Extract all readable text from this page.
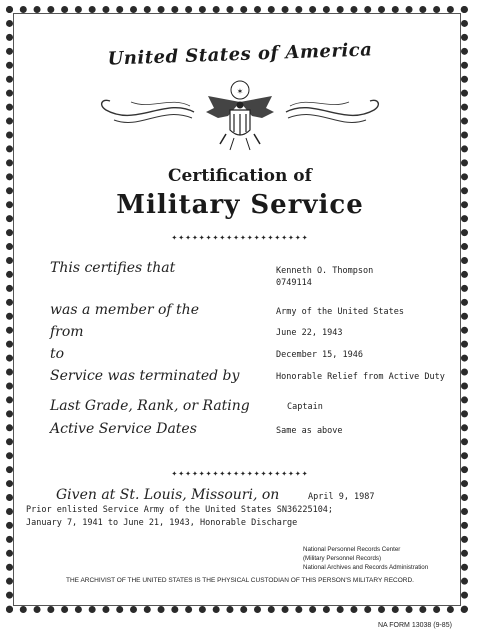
United States of America
✶
Certification of
Military Service
✦✦✦✦✦✦✦✦✦✦✦✦✦✦✦✦✦✦✦✦
This certifies that	Kenneth O. Thompson
0749114
was a member of the	Army of the United States
from	June 22, 1943
to	December 15, 1946
Service was terminated by	Honorable Relief from Active Duty
Last Grade, Rank, or Rating	Captain
Active Service Dates	Same as above
✦✦✦✦✦✦✦✦✦✦✦✦✦✦✦✦✦✦✦✦
Given at St. Louis, Missouri, on	April 9, 1987
Prior enlisted Service Army of the United States SN36225104;
January 7, 1941 to June 21, 1943, Honorable Discharge
National Personnel Records Center
(Military Personnel Records)
National Archives and Records Administration
THE ARCHIVIST OF THE UNITED STATES IS THE PHYSICAL CUSTODIAN OF THIS PERSON'S MILITARY RECORD.
NA FORM 13038 (9-85)
